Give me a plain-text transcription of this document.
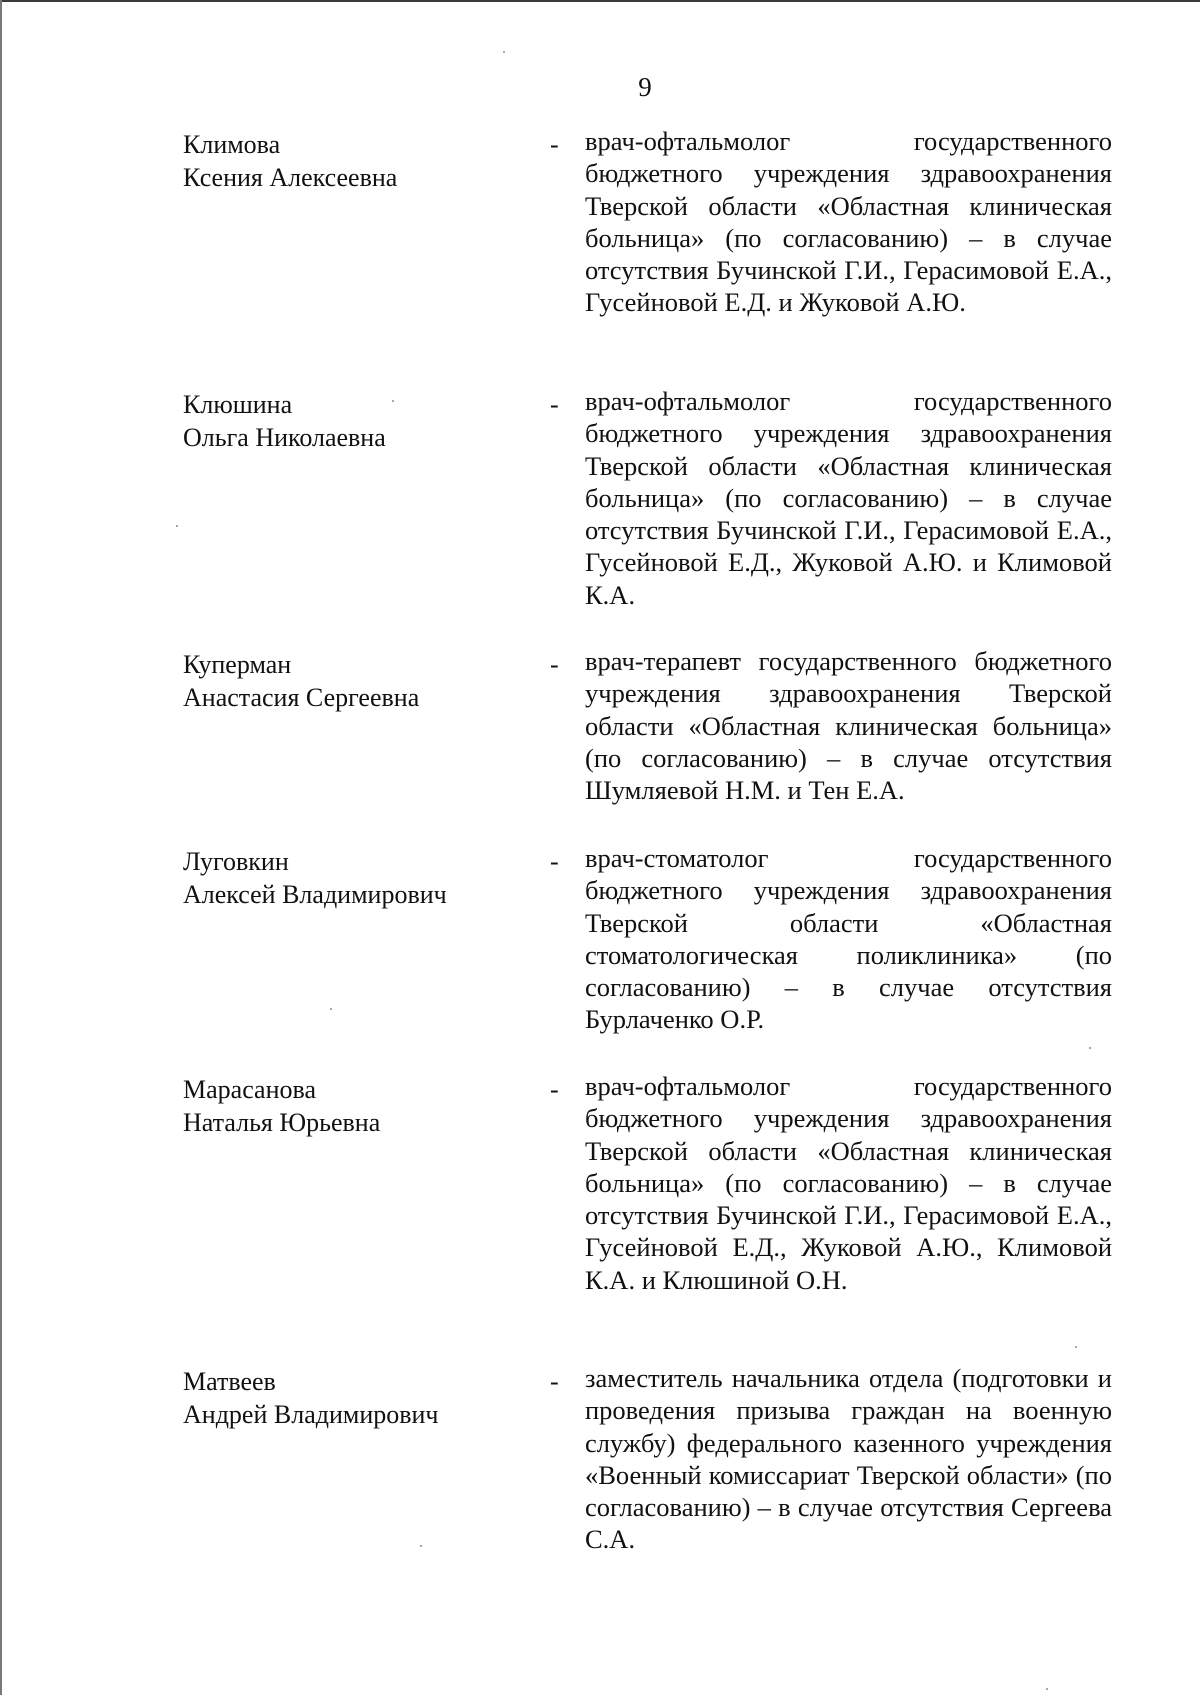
9
Климова
Ксения Алексеевна
- врач-офтальмолог государственного бюджетного учреждения здравоохранения Тверской области «Областная клиническая больница» (по согласованию) – в случае отсутствия Бучинской Г.И., Герасимовой Е.А., Гусейновой Е.Д. и Жуковой А.Ю.
Клюшина
Ольга Николаевна
- врач-офтальмолог государственного бюджетного учреждения здравоохранения Тверской области «Областная клиническая больница» (по согласованию) – в случае отсутствия Бучинской Г.И., Герасимовой Е.А., Гусейновой Е.Д., Жуковой А.Ю. и Климовой К.А.
Куперман
Анастасия Сергеевна
- врач-терапевт государственного бюджетного учреждения здравоохранения Тверской области «Областная клиническая больница» (по согласованию) – в случае отсутствия Шумляевой Н.М. и Тен Е.А.
Луговкин
Алексей Владимирович
- врач-стоматолог государственного бюджетного учреждения здравоохранения Тверской области «Областная стоматологическая поликлиника» (по согласованию) – в случае отсутствия Бурлаченко О.Р.
Марасанова
Наталья Юрьевна
- врач-офтальмолог государственного бюджетного учреждения здравоохранения Тверской области «Областная клиническая больница» (по согласованию) – в случае отсутствия Бучинской Г.И., Герасимовой Е.А., Гусейновой Е.Д., Жуковой А.Ю., Климовой К.А. и Клюшиной О.Н.
Матвеев
Андрей Владимирович
- заместитель начальника отдела (подготовки и проведения призыва граждан на военную службу) федерального казенного учреждения «Военный комиссариат Тверской области» (по согласованию) – в случае отсутствия Сергеева С.А.
